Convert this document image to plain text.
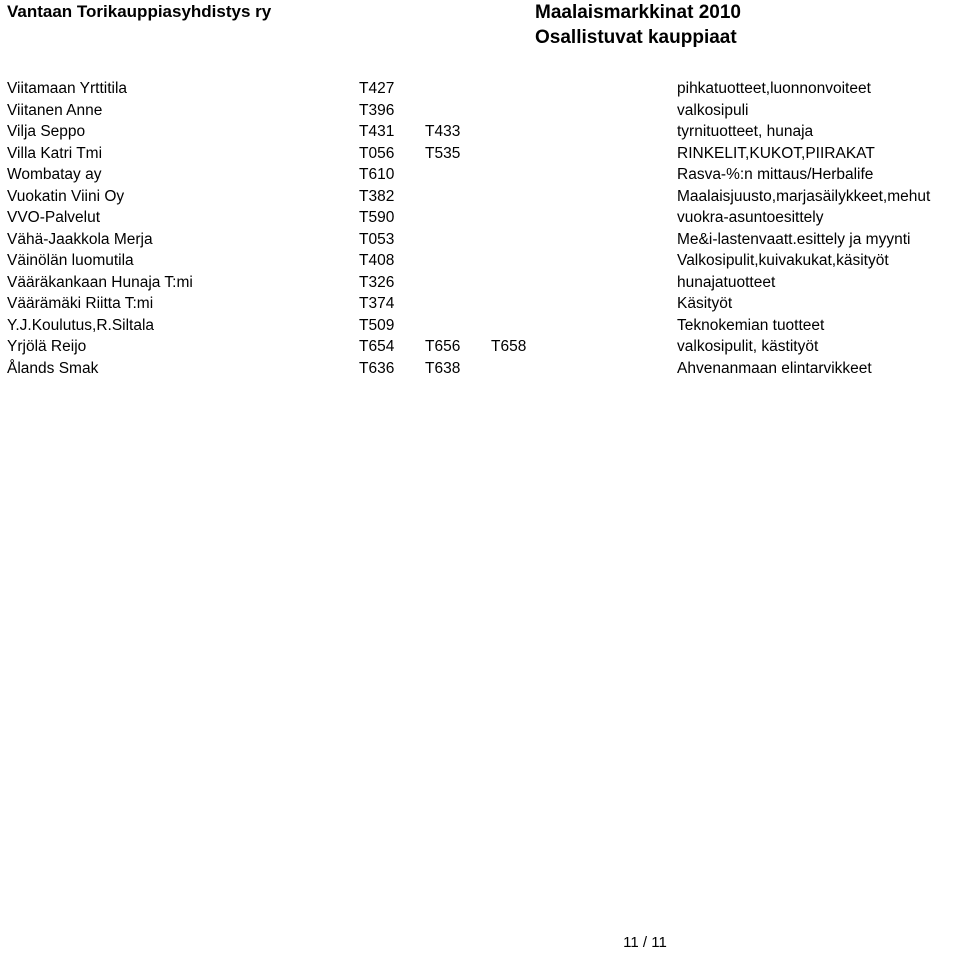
Vantaan Torikauppiasyhdistys ry	Maalaismarkkinat 2010
Osallistuvat kauppiaat
Viitamaan Yrttitila	T427	pihkatuotteet,luonnonvoiteet
Viitanen Anne	T396	valkosipuli
Vilja Seppo	T431 T433	tyrnituotteet, hunaja
Villa Katri Tmi	T056 T535	RINKELIT,KUKOT,PIIRAKAT
Wombatay ay	T610	Rasva-%:n mittaus/Herbalife
Vuokatin Viini Oy	T382	Maalaisjuusto,marjasäilykkeet,mehut
VVO-Palvelut	T590	vuokra-asuntoesittely
Vähä-Jaakkola Merja	T053	Me&i-lastenvaatt.esittely ja myynti
Väinölän luomutila	T408	Valkosipulit,kuivakukat,käsityöt
Vääräkankaan Hunaja T:mi	T326	hunajatuotteet
Väärämäki Riitta T:mi	T374	Käsityöt
Y.J.Koulutus,R.Siltala	T509	Teknokemian tuotteet
Yrjölä Reijo	T654 T656 T658	valkosipulit, kästityöt
Ålands Smak	T636 T638	Ahvenanmaan elintarvikkeet
11 / 11
